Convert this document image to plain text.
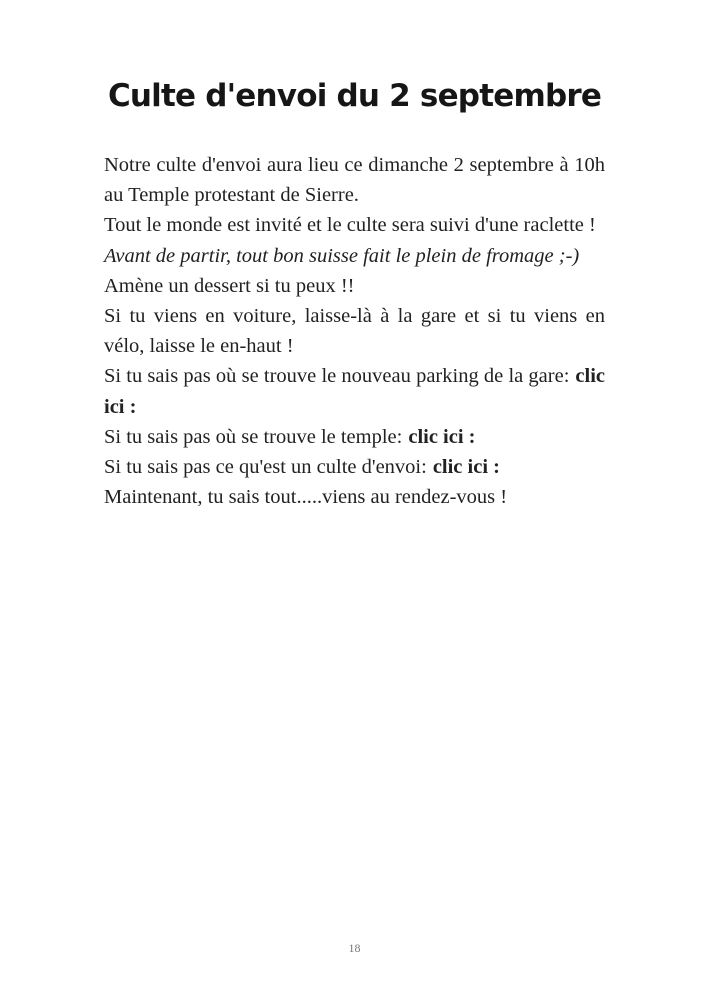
Culte d'envoi du 2 septembre

Notre culte d'envoi aura lieu ce dimanche 2 septembre à 10h au Temple protestant de Sierre.

Tout le monde est invité et le culte sera suivi d'une raclette !

Avant de partir, tout bon suisse fait le plein de fromage ;-)

Amène un dessert si tu peux !!

Si tu viens en voiture, laisse-là à la gare et si tu viens en vélo, laisse le en-haut !

Si tu sais pas où se trouve le nouveau parking de la gare: clic ici :

Si tu sais pas où se trouve le temple: clic ici :

Si tu sais pas ce qu'est un culte d'envoi: clic ici :

Maintenant, tu sais tout.....viens au rendez-vous !

18
